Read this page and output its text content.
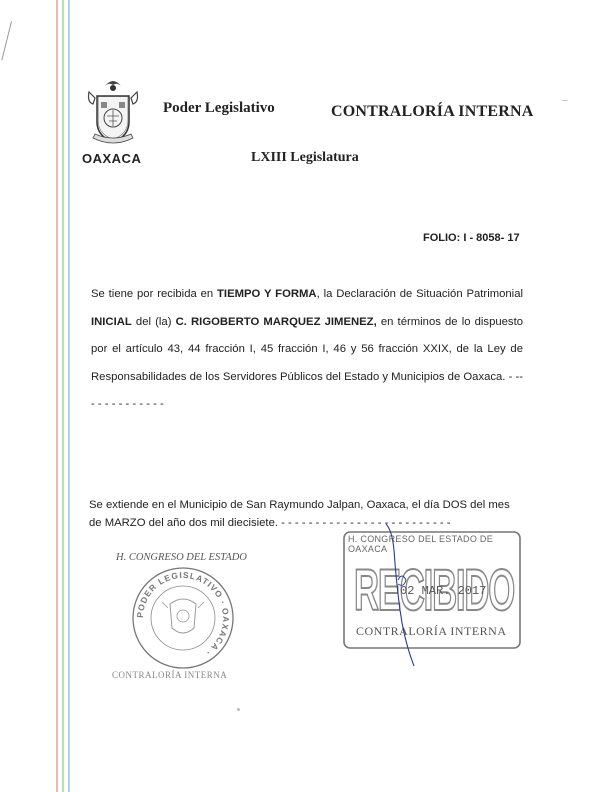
OAXACA
Poder Legislativo	CONTRALORÍA INTERNA
LXIII Legislatura
FOLIO: I - 8058- 17
Se tiene por recibida en TIEMPO Y FORMA, la Declaración de Situación Patrimonial INICIAL del (la) C. RIGOBERTO MARQUEZ JIMENEZ, en términos de lo dispuesto por el artículo 43, 44 fracción I, 45 fracción I, 46 y 56 fracción XXIX, de la Ley de Responsabilidades de los Servidores Públicos del Estado y Municipios de Oaxaca. - -- - - - - - - - - - - -
Se extiende en el Municipio de San Raymundo Jalpan, Oaxaca, el día DOS del mes de MARZO del año dos mil diecisiete. - - - - - - - - - - - - - - - - - - - - - - - - -
H. CONGRESO DEL ESTADO
PODER LEGISLATIVO ∙ OAXACA ∙
CONTRALORÍA INTERNA
RECIBIDO
H. CONGRESO DEL ESTADO DE OAXACA
02 MAR. 2017
CONTRALORÍA INTERNA
